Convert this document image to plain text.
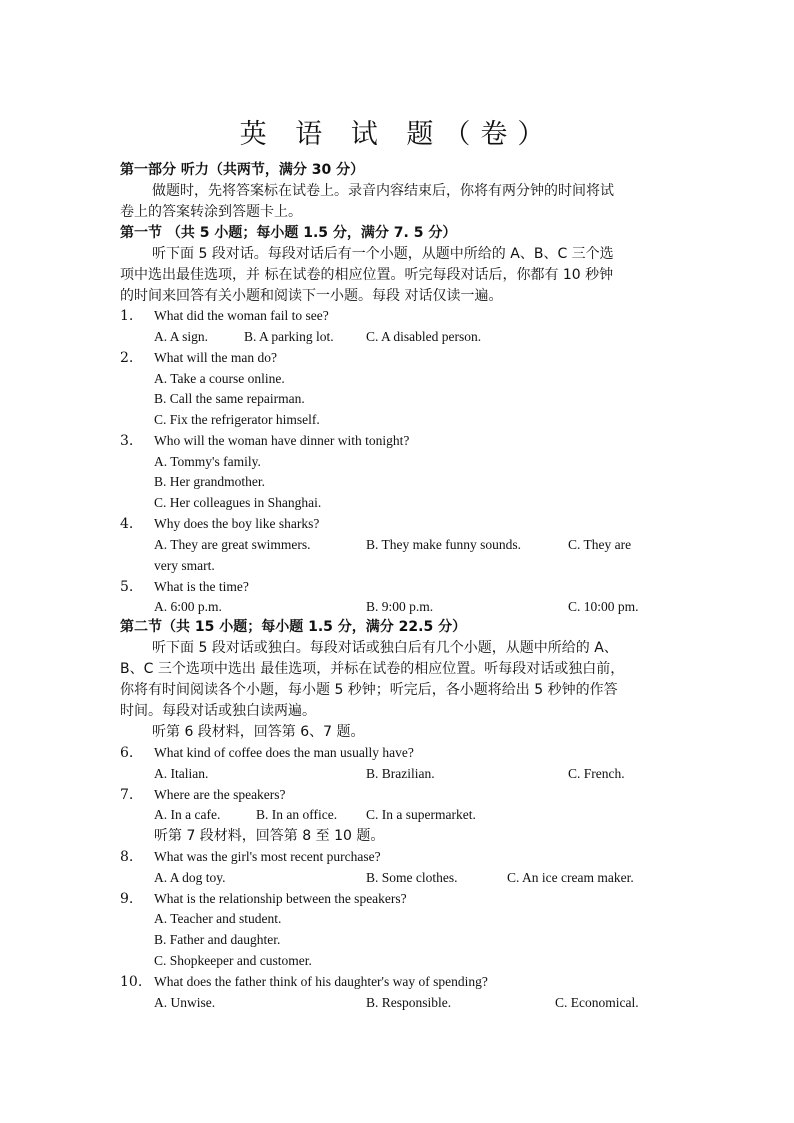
英 语 试 题（卷）
第一部分 听力（共两节，满分 30 分）
做题时，先将答案标在试卷上。录音内容结束后，你将有两分钟的时间将试
卷上的答案转涂到答题卡上。
第一节 （共 5 小题；每小题 1.5 分，满分 7. 5 分）
听下面 5 段对话。每段对话后有一个小题，从题中所给的 A、B、C 三个选
项中选出最佳选项，并 标在试卷的相应位置。听完每段对话后，你都有 10 秒钟
的时间来回答有关小题和阅读下一小题。每段 对话仅读一遍。
1. What did the woman fail to see?
A. A sign.	B. A parking lot. C. A disabled person.
2. What will the man do?
A. Take a course online.
B. Call the same repairman.
C. Fix the refrigerator himself.
3. Who will the woman have dinner with tonight?
A. Tommy's family.
B. Her grandmother.
C. Her colleagues in Shanghai.
4. Why does the boy like sharks?
A. They are great swimmers.	B. They make funny sounds.	C. They are
very smart.
5. What is the time?
A. 6:00 p.m.	B. 9:00 p.m.	C. 10:00 pm.
第二节（共 15 小题；每小题 1.5 分，满分 22.5 分）
听下面 5 段对话或独白。每段对话或独白后有几个小题，从题中所给的 A、
B、C 三个选项中选出 最佳选项，并标在试卷的相应位置。听每段对话或独白前，
你将有时间阅读各个小题，每小题 5 秒钟；听完后，各小题将给出 5 秒钟的作答
时间。每段对话或独白读两遍。
听第 6 段材料，回答第 6、7 题。
6. What kind of coffee does the man usually have?
A. Italian.	B. Brazilian.	C. French.
7. Where are the speakers?
A. In a cafe.	B. In an office. C. In a supermarket.
听第 7 段材料，回答第 8 至 10 题。
8. What was the girl's most recent purchase?
A. A dog toy.	B. Some clothes.	C. An ice cream maker.
9. What is the relationship between the speakers?
A. Teacher and student.
B. Father and daughter.
C. Shopkeeper and customer.
10. What does the father think of his daughter's way of spending?
A. Unwise.	B. Responsible.	C. Economical.
